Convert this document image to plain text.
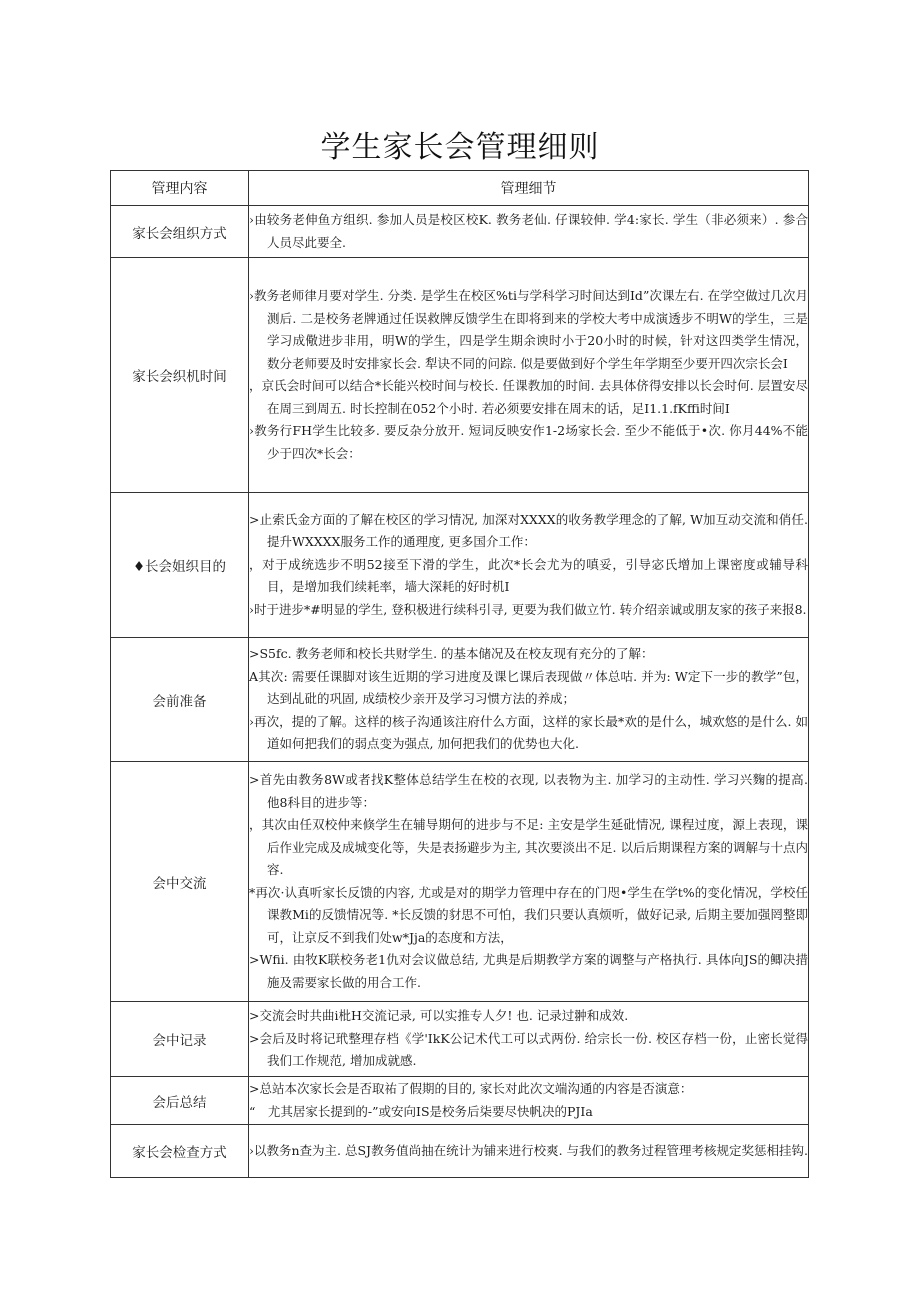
学生家长会管理细则
管理内容	管理细节
家长会组织方式	›由较务老伸鱼方组织. 参加人员是校区校K. 教务老仙. 仔课较伸. 学4:家长. 学生（非必须来）. 参合人员尽此要全.

家长会织机时间	›教务老师律月要对学生. 分类. 是学生在校区%ti与学科学习时间达到Id”次课左右. 在学空做过几次月测后. 二是校务老牌通过任误救牌反馈学生在即将到来的学校大考中成演透步不明W的学生，三是学习成儆进步非用，明W的学生，四是学生期余谀时小于20小时的时候，针对这四类学生情况，数分老师要及时安排家长会. 犁诀不同的问踪. 似是要做到好个学生年学期至少要开四次宗长会I
，京氏会时间可以结合*长能兴校时间与校长. 任课教加的时间. 去具体侪得安排以长会时何. 层置安尽在周三到周五. 时长控制在052个小时. 若必须要安排在周末的话，足I1.1.fKffi时间I
›教务行FH学生比较多. 要反杂分放开. 短词反映安作1-2场家长会. 至少不能低于•次. 你月44%不能少于四次*长会：

♦长会姐织目的	>止索氏金方面的了解在校区的学习情况, 加深对XXXX的收务教学理念的了解, W加互动交流和俏任. 提升WXXXX服务工作的通理度, 更多国介工作：
，对于成统选步不明52接至下滑的学生，此次*长会尤为的嗔妥，引导宓氏增加上课密度或辅导科目，是增加我们续耗率，墙大深耗的好时机I
›时于进步*#明显的学生, 登积极进行续科引寻, 更要为我们做立竹. 转介绍亲诚或朋友家的孩子来报8.

会前准备	>S5fc. 教务老师和校长共财学生. 的基本储况及在校友现有充分的了解：
A其次: 需要任课脚对该生近期的学习进度及课匕课后表现做〃体总咕. 并为: W定下一步的教学”包，达到乩砒的巩固, 成绩校少亲开及学习习惯方法的养成；
›再次，提的了解。这样的核子沟通该注府什么方面，这样的家长最*欢的是什么，城欢悠的是什么. 如道如何把我们的弱点变为强点, 加何把我们的优势也大化.

会中交流	>首先由教务8W或者找K整体总结学生在校的衣现, 以表物为主. 加学习的主动性. 学习兴麴的提高. 他8科目的进步等：
，其次由任双校仲来倏学生在辅导期何的进步与不足: 主安是学生延砒情况, 课程过度，源上表现，课后作业完成及成城变化等，失是表扬避步为主, 其次要淡出不足. 以后后期课程方案的调解与十点内容.
*再次·认真听家长反馈的内容, 尤或是对的期学力管理中存在的门咫•学生在学t%的变化情况，学校任课教Mi的反馈情况等. *长反馈的豺思不可怕，我们只要认真烦听，做好记录, 后期主要加强罔整即可，让京反不到我们处w*Jja的态度和方法，
>Wfii. 由牧K联校务老1仇对会议做总结, 尤典是后期教学方案的调整与产格执行. 具体向JS的鲫决措施及需要家长做的用合工作.

会中记录	>交流会时共曲i枇H交流记录, 可以实推专人夕! 也. 记录过翀和成效.
>会后及时将记玳整理存档《学'IkK公记术代工可以式两份. 给宗长一份. 校区存档一份，止密长觉得我们工作规范, 增加成就感.

会后总结	>总站本次家长会是否取祐了假期的目的, 家长对此次文端沟通的内容是否演意：
“　尤其居家长提到的-”或安向IS是校务后柒要尽快帆决的PJIa

家长会检查方式	›以教务n查为主. 总SJ教务值尚抽在统计为铺来进行校爽. 与我们的教务过程管理考核规定奖惩相挂钩.
